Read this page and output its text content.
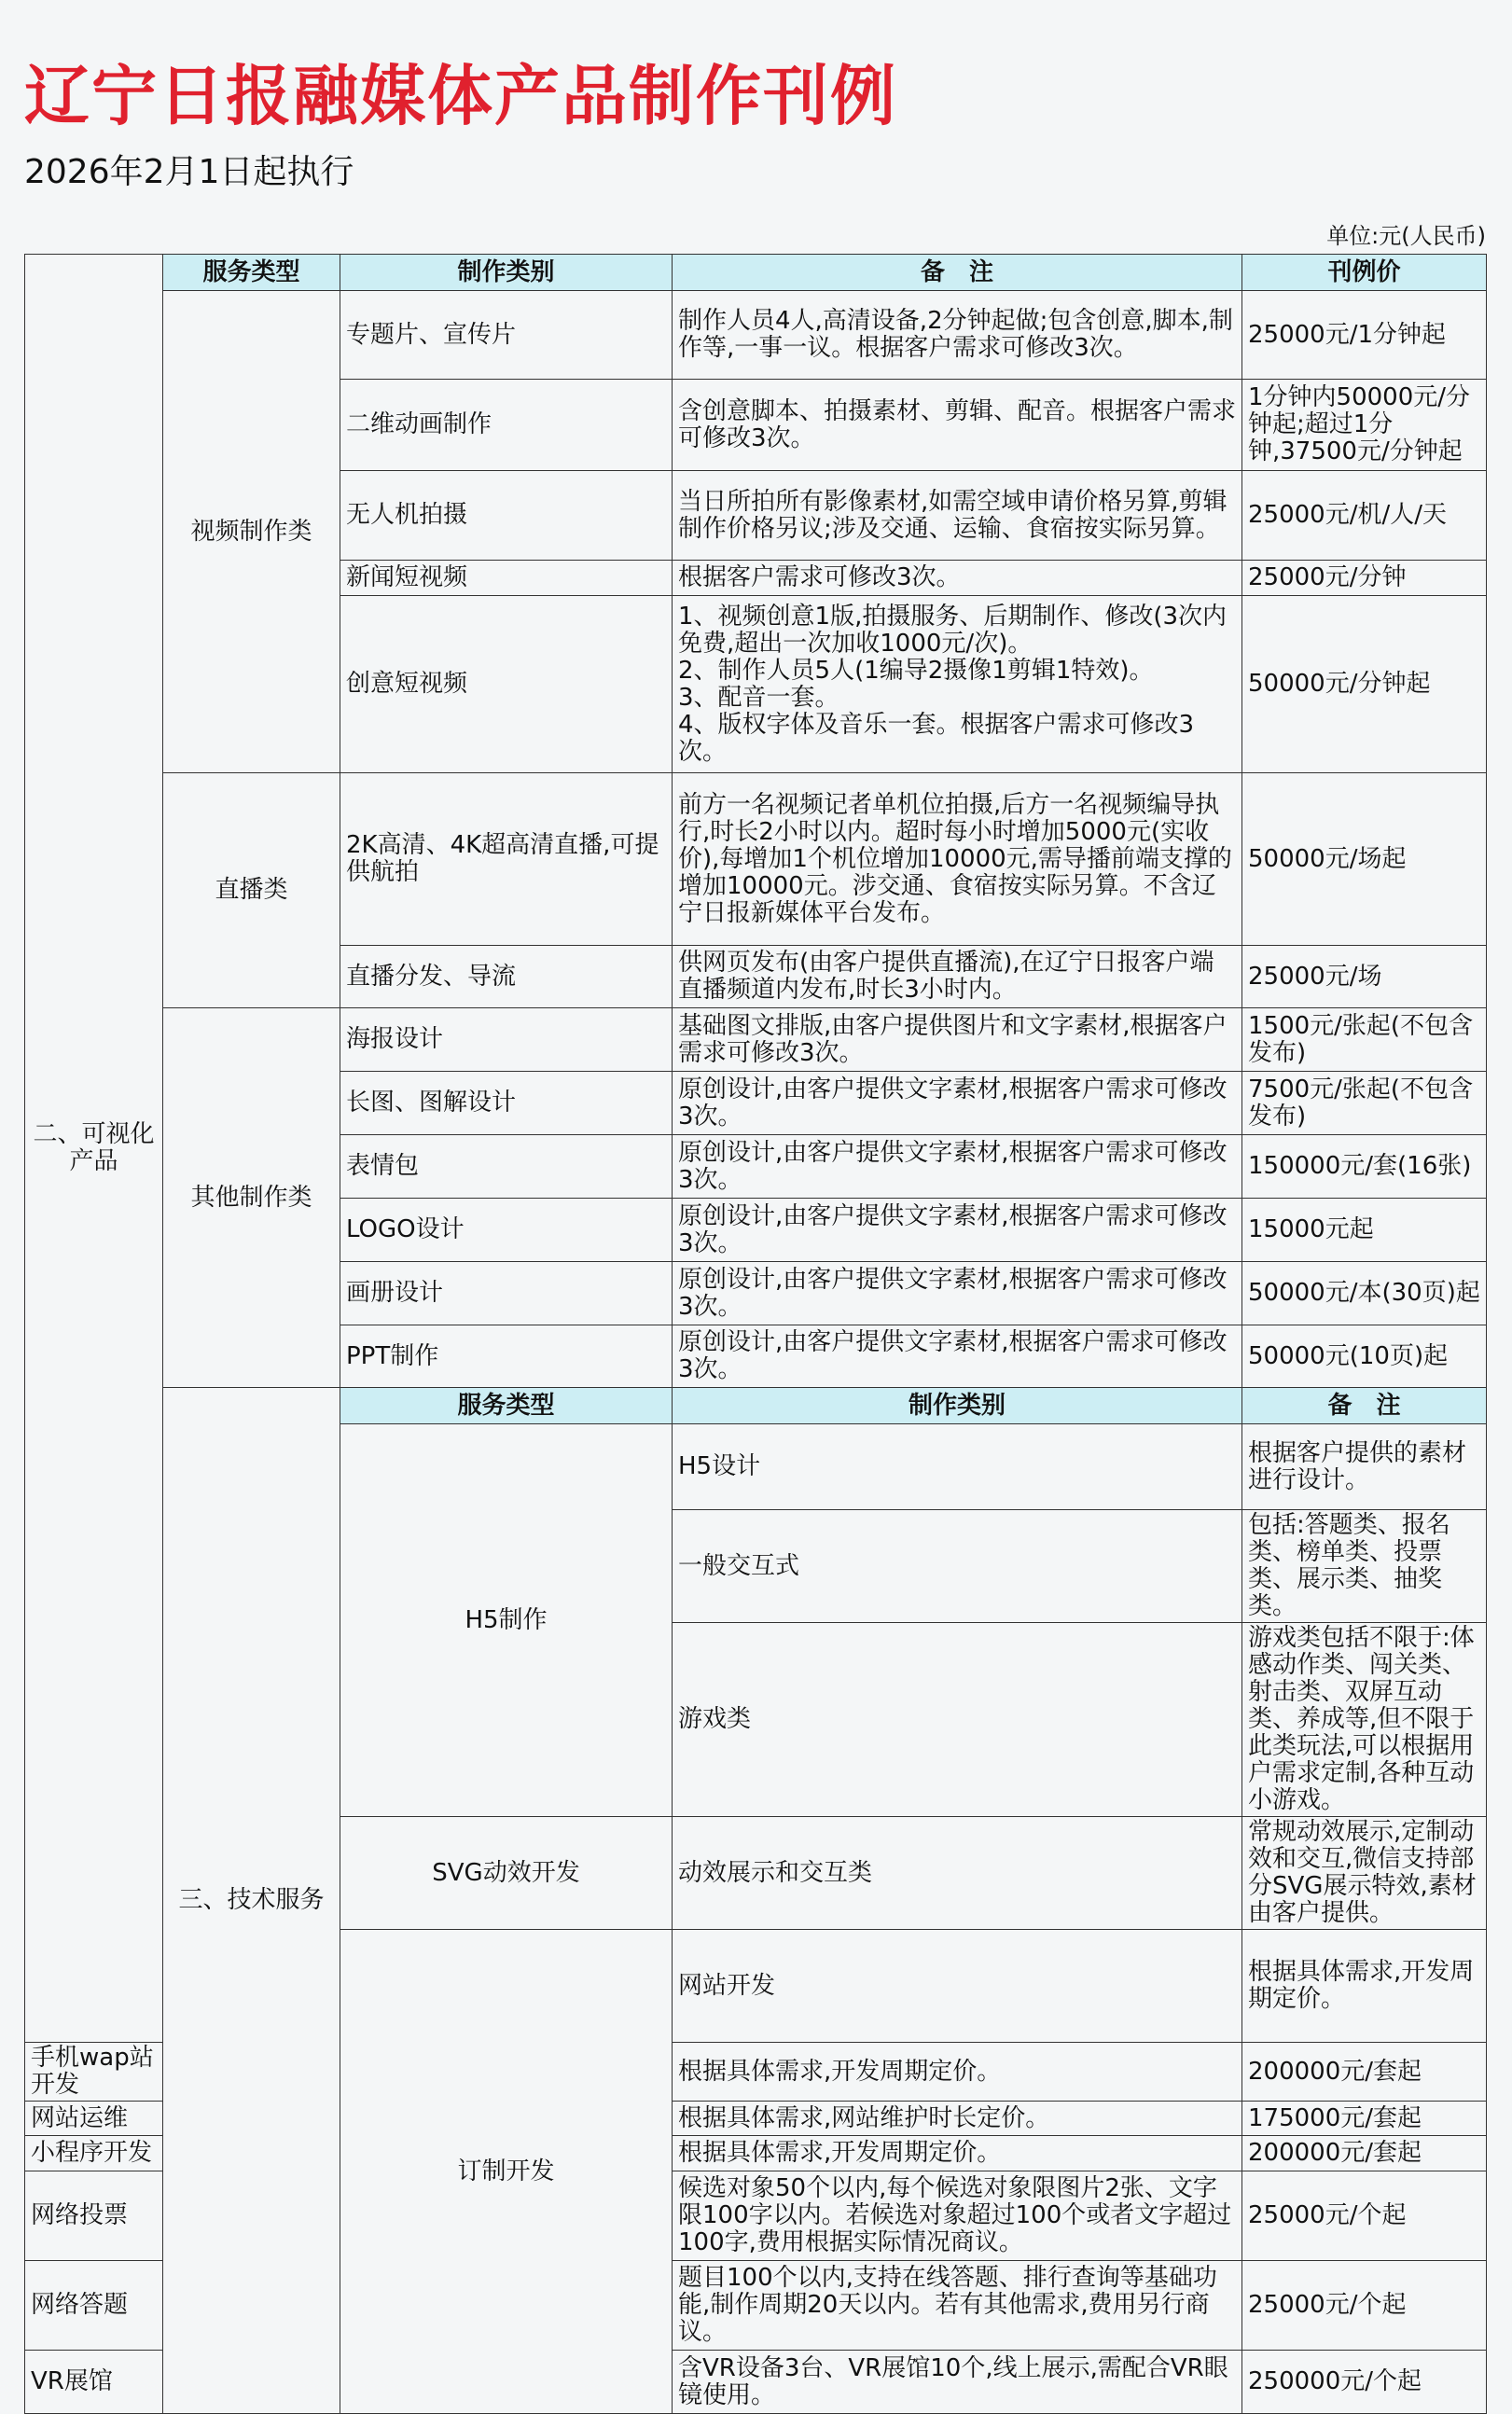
辽宁日报融媒体产品制作刊例
2026年2月1日起执行
单位:元(人民币)
二、可视化产品	服务类型	制作类别	备　注	刊例价	
	视频制作类	专题片、宣传片	制作人员4人,高清设备,2分钟起做;包含创意,脚本,制作等,一事一议。根据客户需求可修改3次。	25000元/1分钟起	
		二维动画制作	含创意脚本、拍摄素材、剪辑、配音。根据客户需求可修改3次。	1分钟内50000元/分钟起;超过1分钟,37500元/分钟起	
		无人机拍摄	当日所拍所有影像素材,如需空域申请价格另算,剪辑制作价格另议;涉及交通、运输、食宿按实际另算。	25000元/机/人/天	
		新闻短视频	根据客户需求可修改3次。	25000元/分钟	
		创意短视频	1、视频创意1版,拍摄服务、后期制作、修改(3次内免费,超出一次加收1000元/次)。
2、制作人员5人(1编导2摄像1剪辑1特效)。
3、配音一套。
4、版权字体及音乐一套。根据客户需求可修改3次。	50000元/分钟起	
	直播类	2K高清、4K超高清直播,可提供航拍	前方一名视频记者单机位拍摄,后方一名视频编导执行,时长2小时以内。超时每小时增加5000元(实收价),每增加1个机位增加10000元,需导播前端支撑的增加10000元。涉交通、食宿按实际另算。不含辽宁日报新媒体平台发布。	50000元/场起	
		直播分发、导流	供网页发布(由客户提供直播流),在辽宁日报客户端直播频道内发布,时长3小时内。	25000元/场	
	其他制作类	海报设计	基础图文排版,由客户提供图片和文字素材,根据客户需求可修改3次。	1500元/张起(不包含发布)	
		长图、图解设计	原创设计,由客户提供文字素材,根据客户需求可修改3次。	7500元/张起(不包含发布)	
		表情包	原创设计,由客户提供文字素材,根据客户需求可修改3次。	150000元/套(16张)	
		LOGO设计	原创设计,由客户提供文字素材,根据客户需求可修改3次。	15000元起	
		画册设计	原创设计,由客户提供文字素材,根据客户需求可修改3次。	50000元/本(30页)起	
		PPT制作	原创设计,由客户提供文字素材,根据客户需求可修改3次。	50000元(10页)起	
	三、技术服务	服务类型	制作类别	备　注	
		H5制作	H5设计	根据客户提供的素材进行设计。	
			一般交互式	包括:答题类、报名类、榜单类、投票类、展示类、抽奖类。	
			游戏类	游戏类包括不限于:体感动作类、闯关类、射击类、双屏互动类、养成等,但不限于此类玩法,可以根据用户需求定制,各种互动小游戏。	
		SVG动效开发	动效展示和交互类	常规动效展示,定制动效和交互,微信支持部分SVG展示特效,素材由客户提供。	
		订制开发	网站开发	根据具体需求,开发周期定价。	
手机wap站开发			根据具体需求,开发周期定价。	200000元/套起	
网站运维			根据具体需求,网站维护时长定价。	175000元/套起	
小程序开发			根据具体需求,开发周期定价。	200000元/套起	
网络投票			候选对象50个以内,每个候选对象限图片2张、文字限100字以内。若候选对象超过100个或者文字超过100字,费用根据实际情况商议。	25000元/个起	
网络答题			题目100个以内,支持在线答题、排行查询等基础功能,制作周期20天以内。若有其他需求,费用另行商议。	25000元/个起	
VR展馆			含VR设备3台、VR展馆10个,线上展示,需配合VR眼镜使用。	250000元/个起	
